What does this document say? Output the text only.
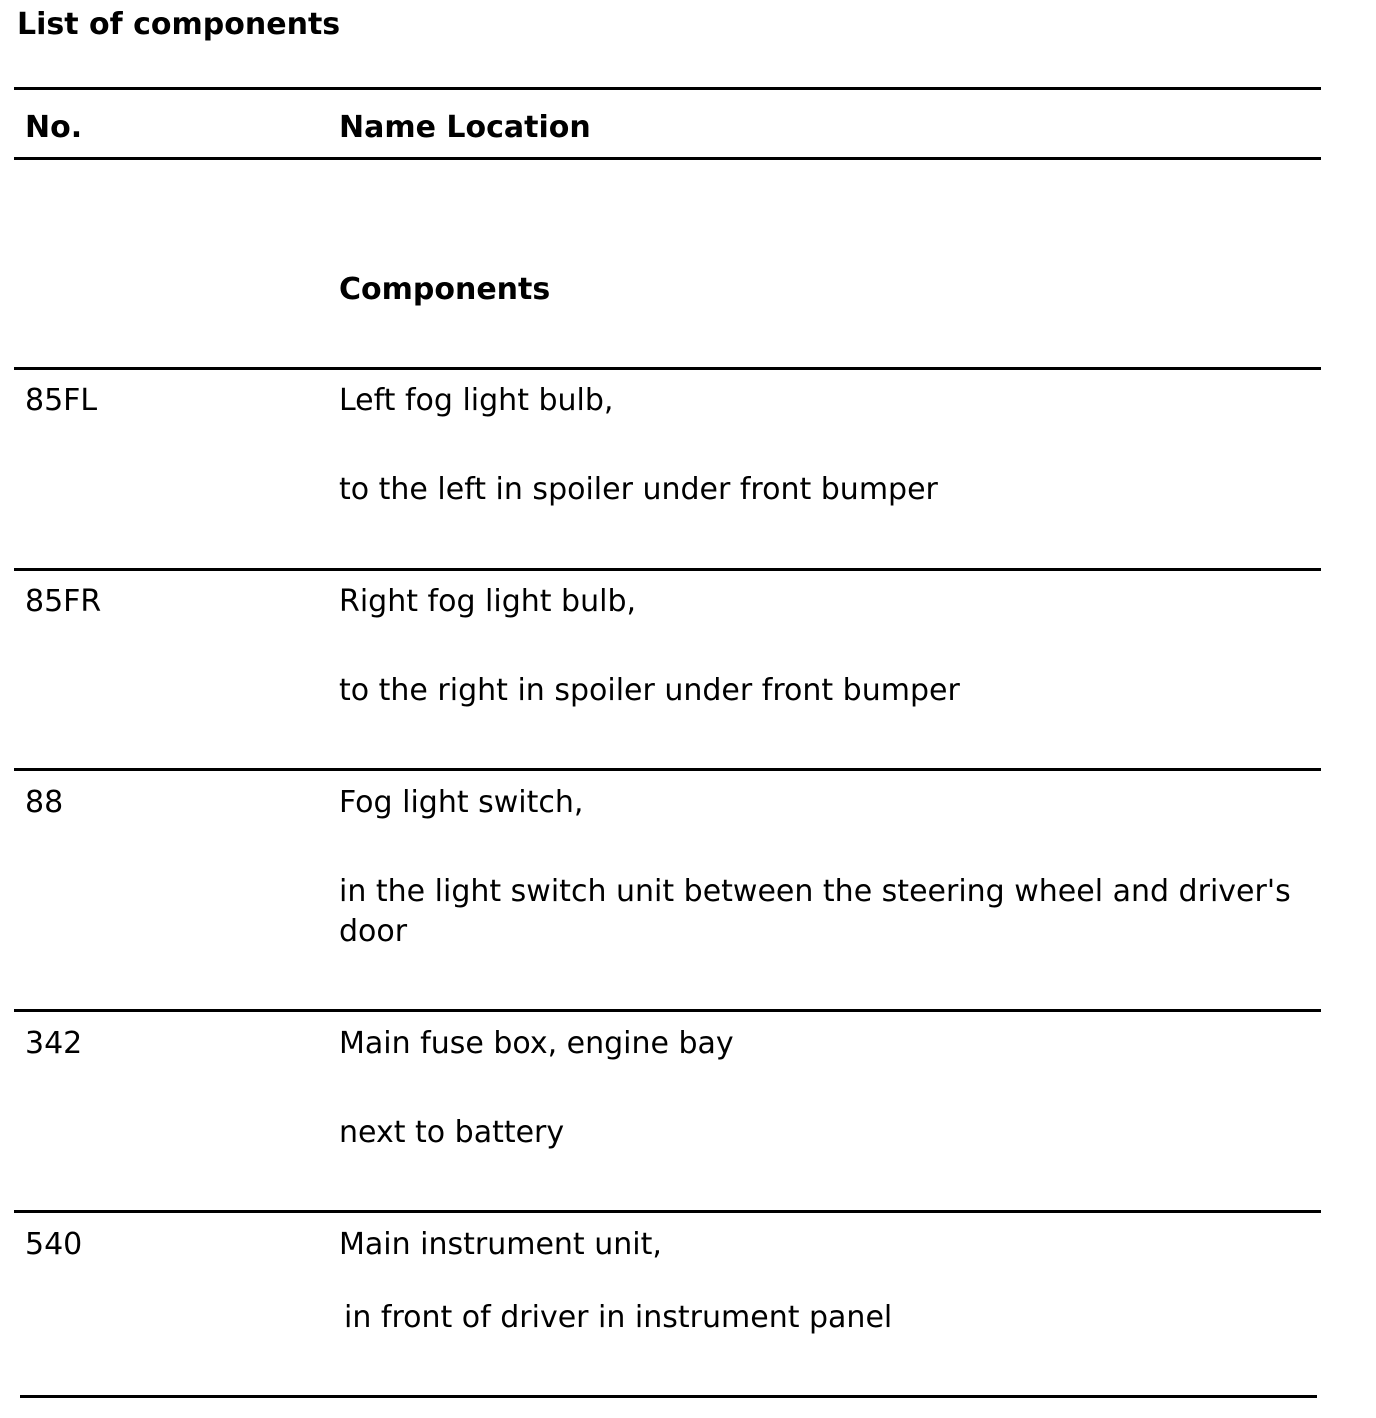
List of components
No.	Name Location
Components
85FL	Left fog light bulb,
to the left in spoiler under front bumper
85FR	Right fog light bulb,
to the right in spoiler under front bumper
88	Fog light switch,
in the light switch unit between the steering wheel and driver's door
342	Main fuse box, engine bay
next to battery
540	Main instrument unit,
in front of driver in instrument panel
